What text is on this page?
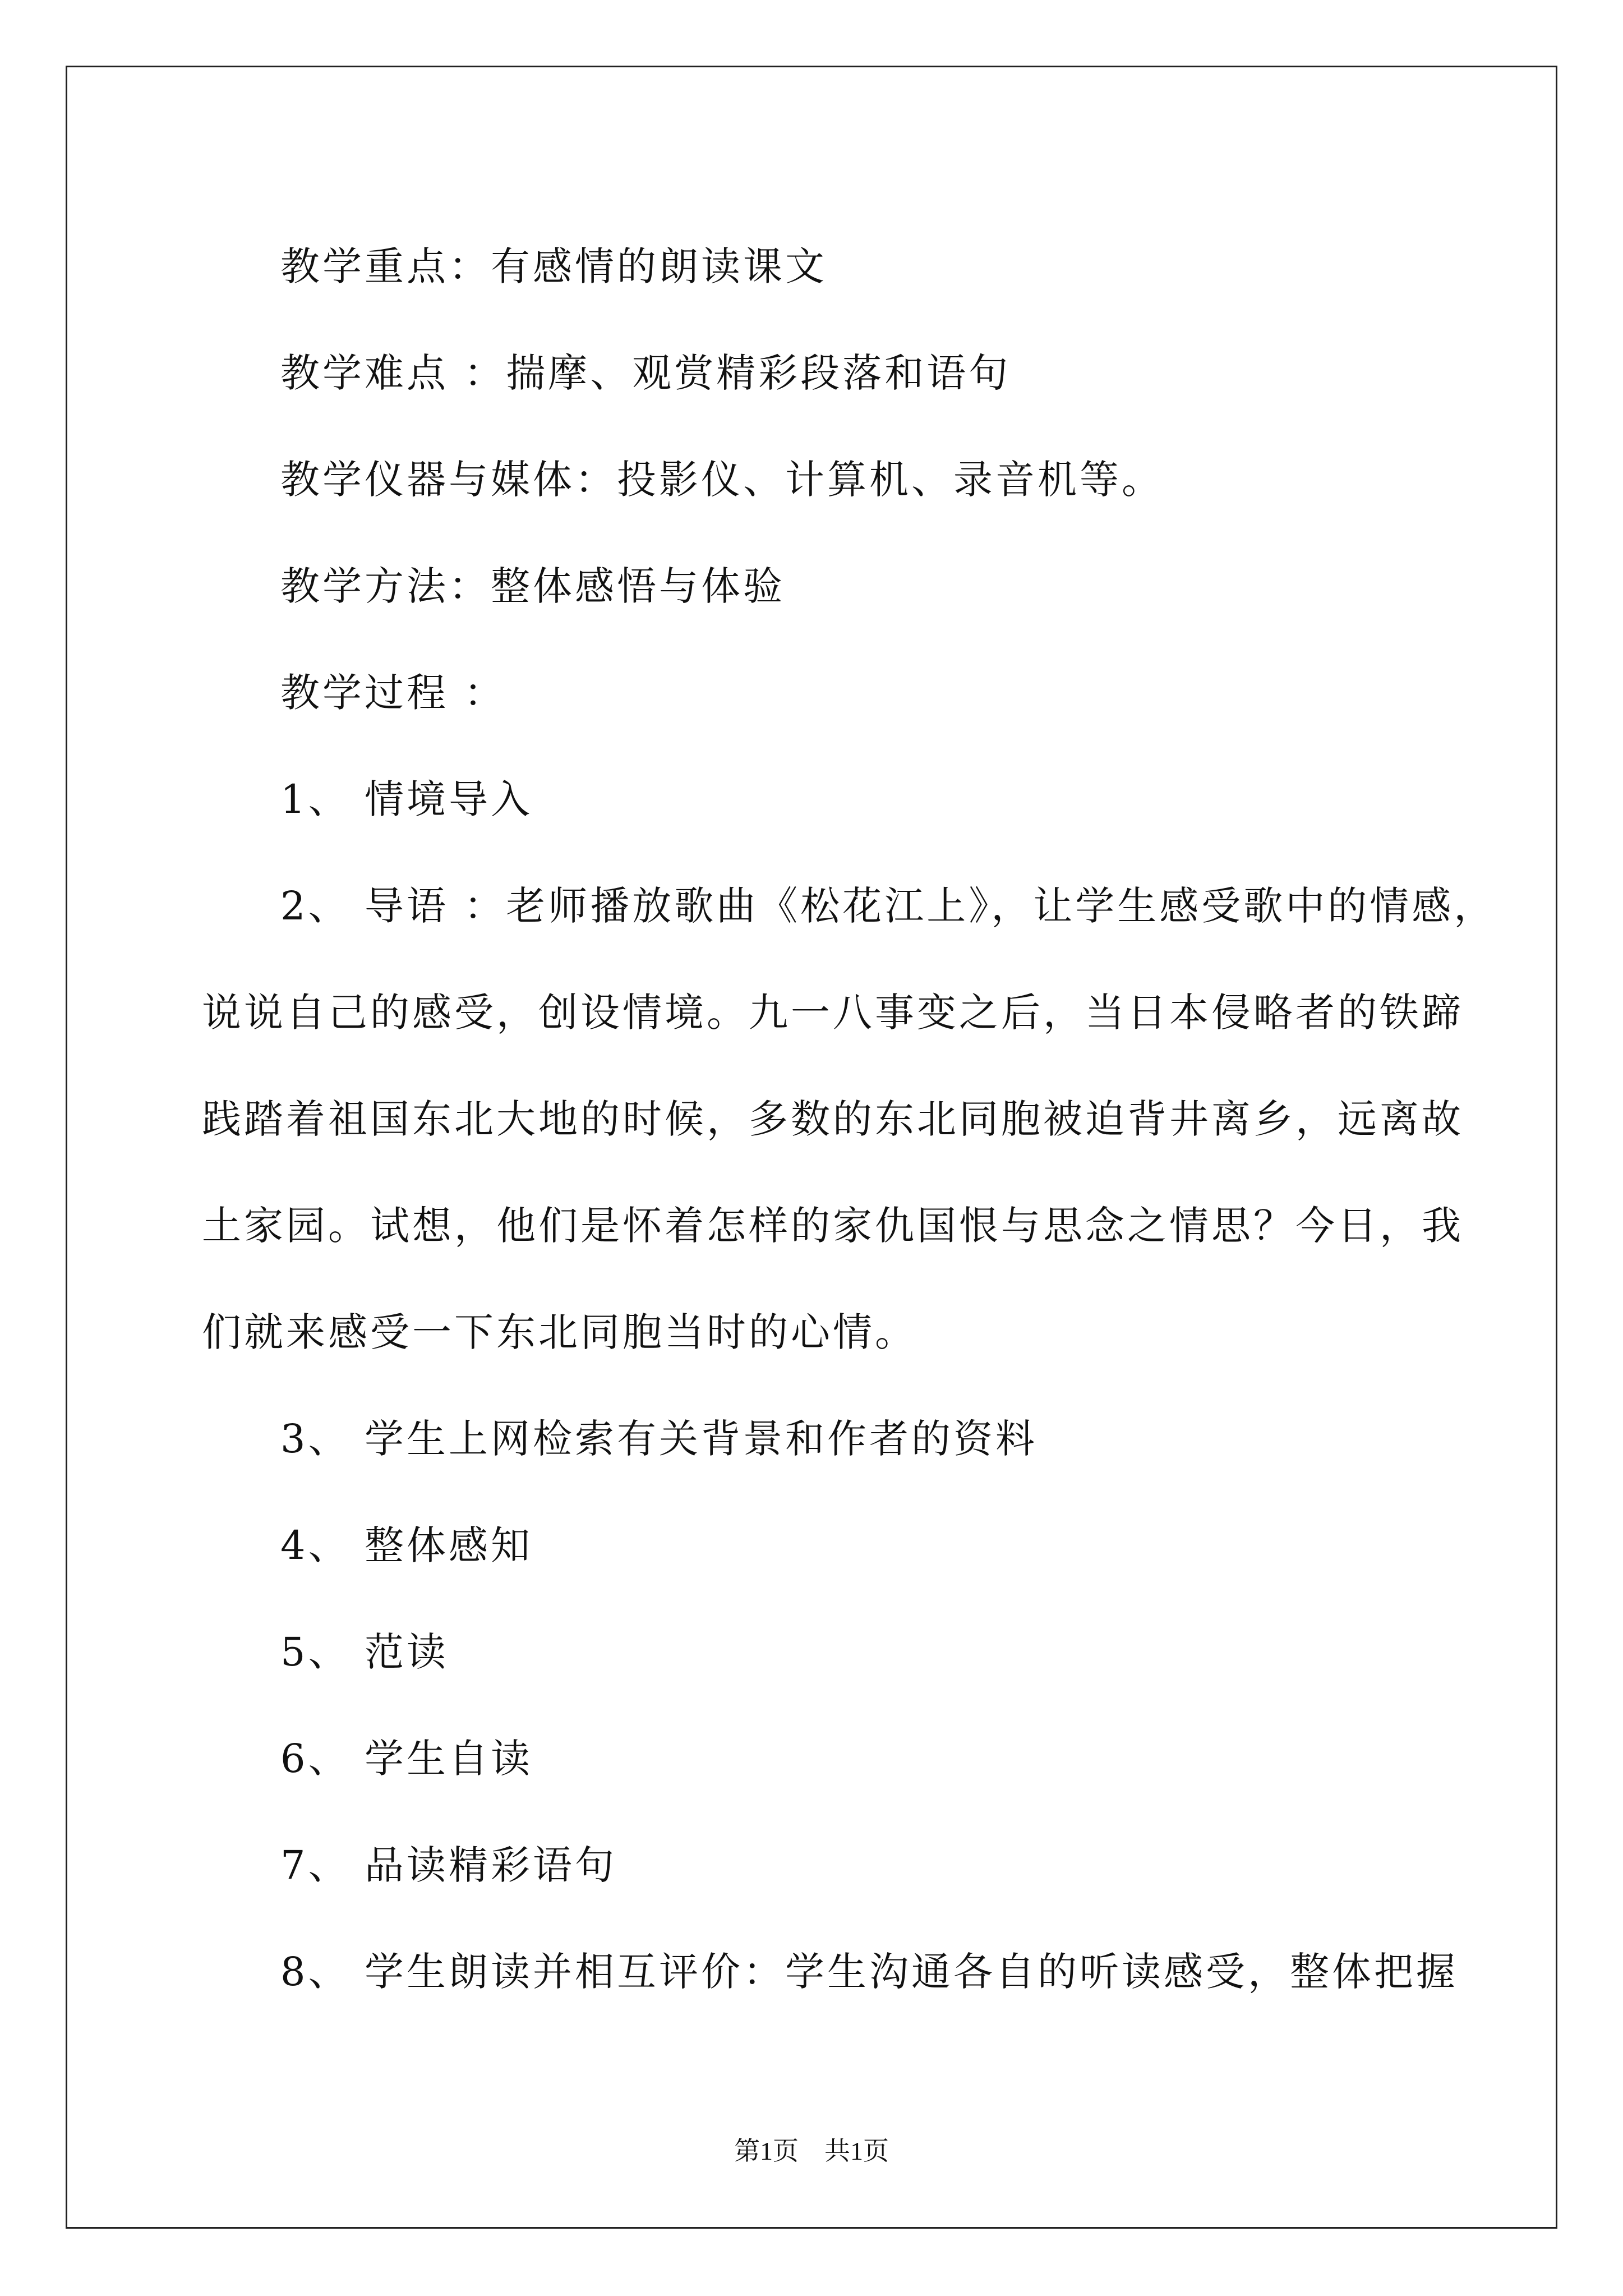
教学重点：有感情的朗读课文
教学难点 ：揣摩、观赏精彩段落和语句
教学仪器与媒体：投影仪、计算机、录音机等。
教学方法：整体感悟与体验
教学过程 ：
1、 情境导入
2、 导语 ：老师播放歌曲《松花江上》，让学生感受歌中的情感，
说说自己的感受，创设情境。九一八事变之后，当日本侵略者的铁蹄
践踏着祖国东北大地的时候，多数的东北同胞被迫背井离乡，远离故
土家园。试想，他们是怀着怎样的家仇国恨与思念之情思？今日，我
们就来感受一下东北同胞当时的心情。
3、 学生上网检索有关背景和作者的资料
4、 整体感知
5、 范读
6、 学生自读
7、 品读精彩语句
8、 学生朗读并相互评价：学生沟通各自的听读感受，整体把握
第1页 共1页
